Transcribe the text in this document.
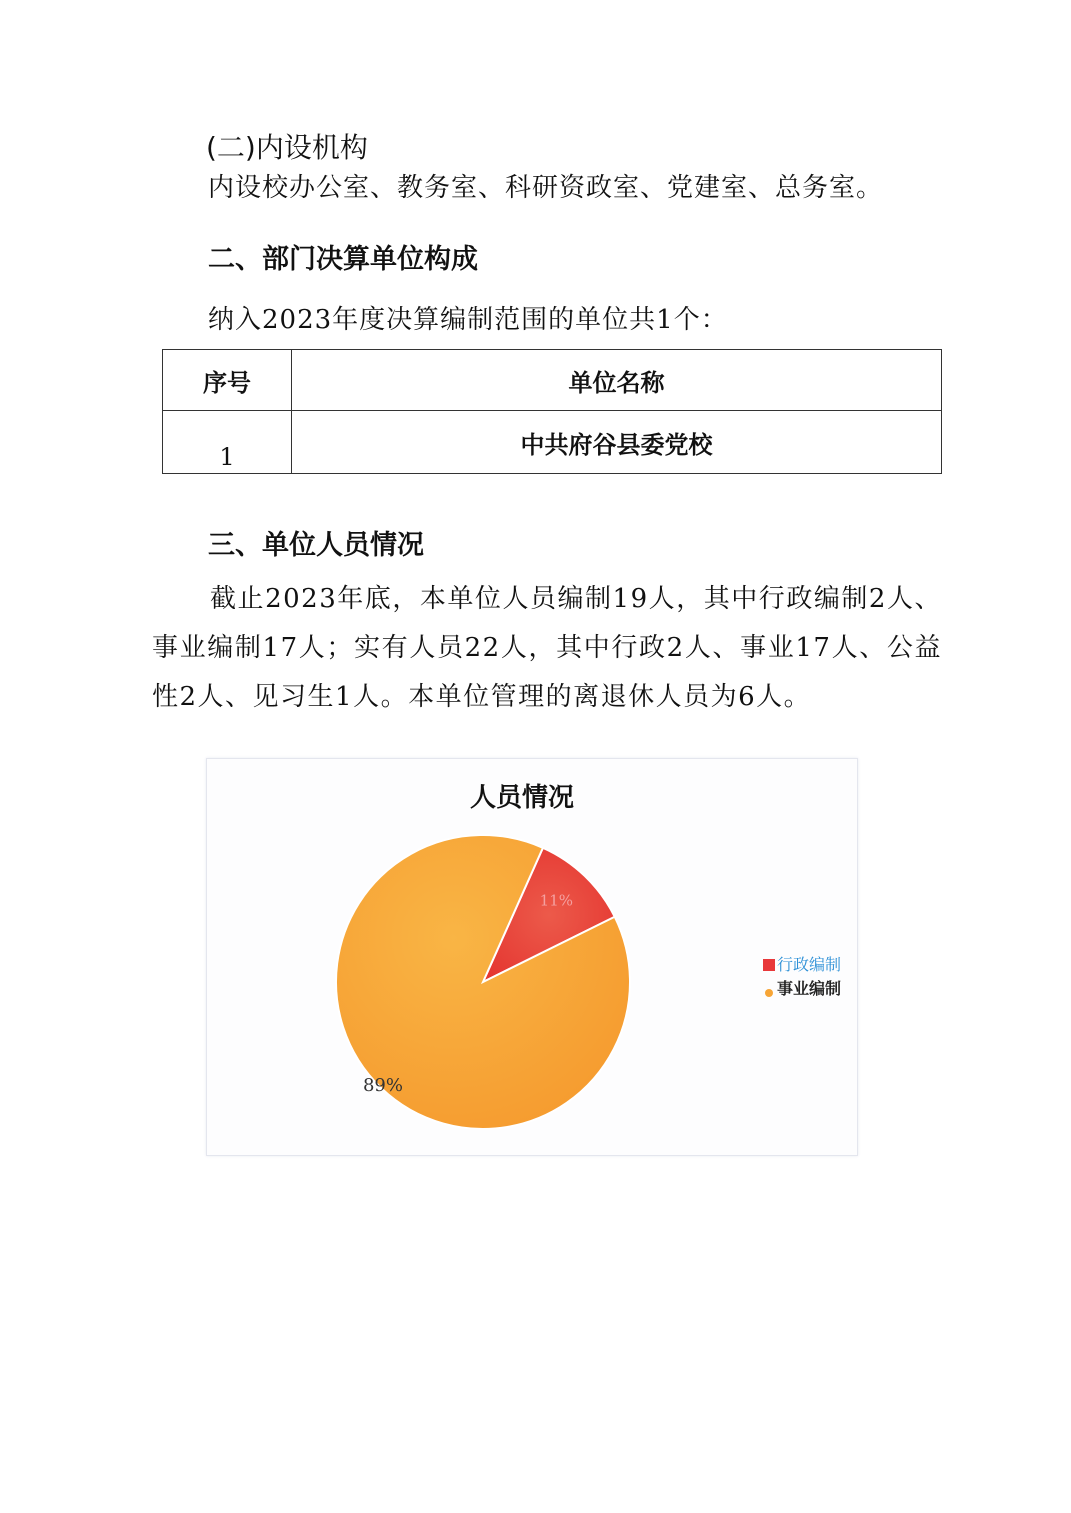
(二)内设机构
内设校办公室、教务室、科研资政室、党建室、总务室。
二、部门决算单位构成
纳入2023年度决算编制范围的单位共1个：
序号	单位名称
1	中共府谷县委党校
三、单位人员情况
截止2023年底，本单位人员编制19人，其中行政编制2人、事业编制17人；实有人员22人，其中行政2人、事业17人、公益性2人、见习生1人。本单位管理的离退休人员为6人。
人员情况
11%
89%
行政编制
事业编制
